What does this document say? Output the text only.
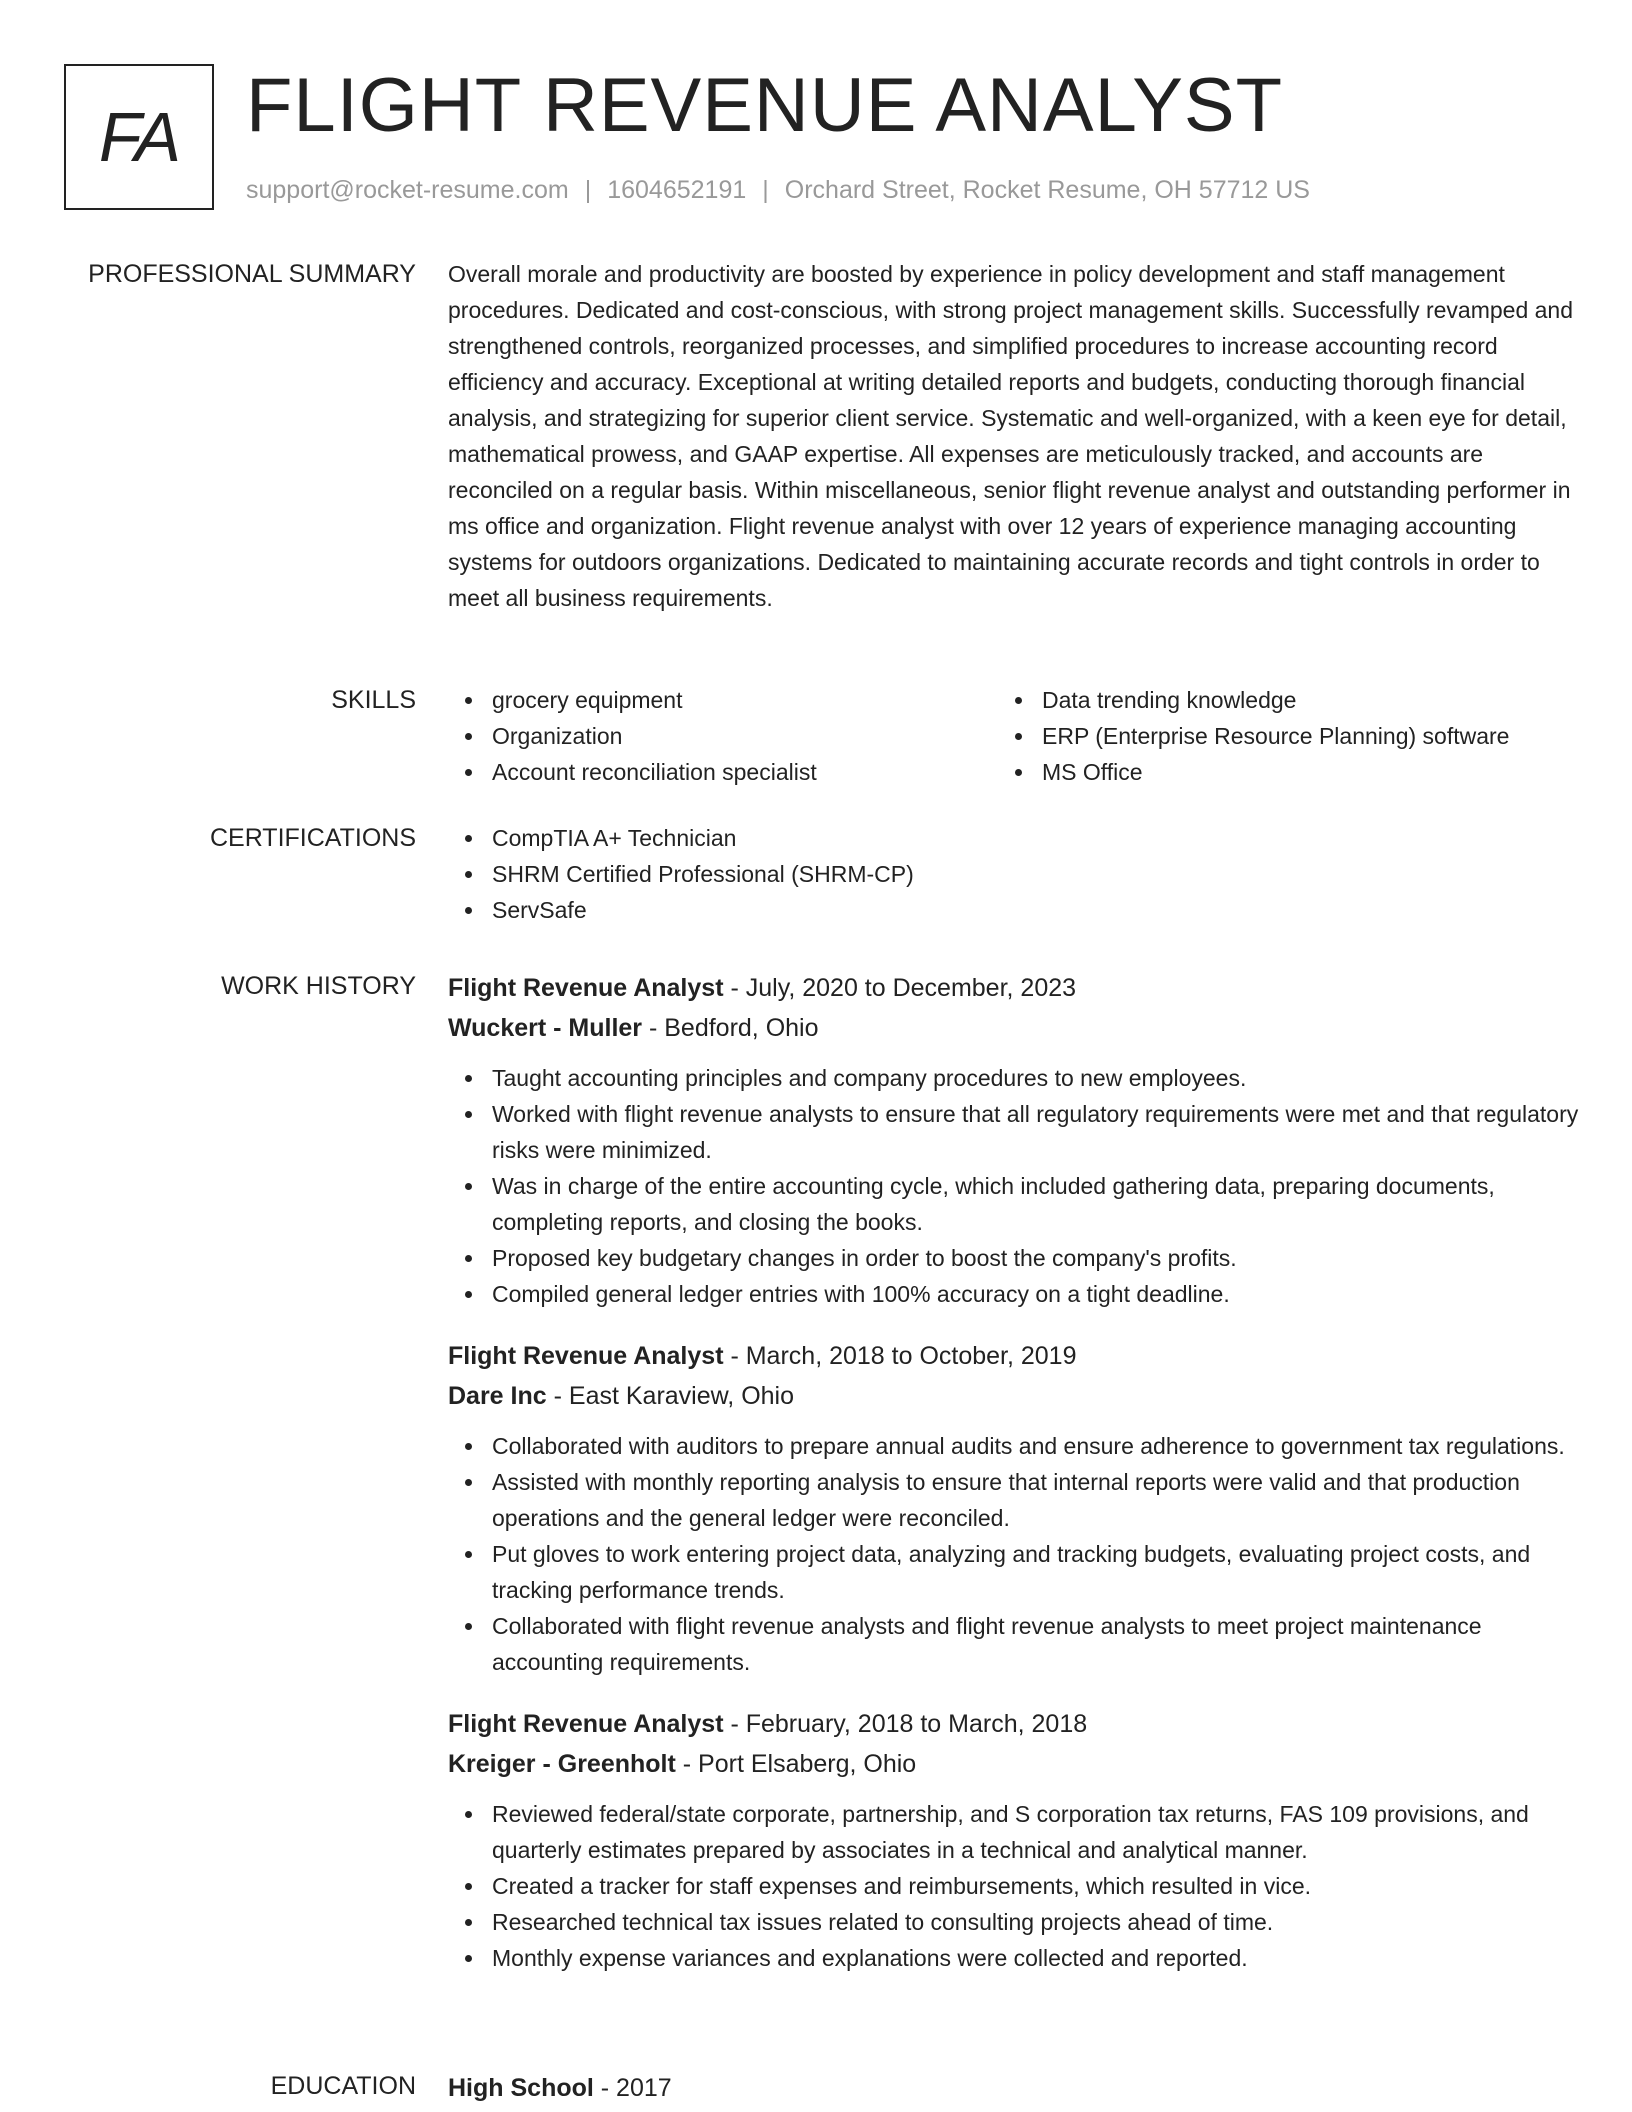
FA FLIGHT REVENUE ANALYST
support@rocket-resume.com | 1604652191 | Orchard Street, Rocket Resume, OH 57712 US
PROFESSIONAL SUMMARY Overall morale and productivity are boosted by experience in policy development and staff management procedures. Dedicated and cost-conscious, with strong project management skills. Successfully revamped and strengthened controls, reorganized processes, and simplified procedures to increase accounting record efficiency and accuracy. Exceptional at writing detailed reports and budgets, conducting thorough financial analysis, and strategizing for superior client service. Systematic and well-organized, with a keen eye for detail, mathematical prowess, and GAAP expertise. All expenses are meticulously tracked, and accounts are reconciled on a regular basis. Within miscellaneous, senior flight revenue analyst and outstanding performer in ms office and organization. Flight revenue analyst with over 12 years of experience managing accounting systems for outdoors organizations. Dedicated to maintaining accurate records and tight controls in order to meet all business requirements.

SKILLS	grocery equipment
Organization
Account reconciliation specialist
Data trending knowledge
ERP (Enterprise Resource Planning) software
MS Office
CERTIFICATIONS	CompTIA A+ Technician
SHRM Certified Professional (SHRM-CP)
ServSafe
WORK HISTORY Flight Revenue Analyst - July, 2020 to December, 2023
Wuckert - Muller - Bedford, Ohio
Taught accounting principles and company procedures to new employees.
Worked with flight revenue analysts to ensure that all regulatory requirements were met and that regulatory risks were minimized.
Was in charge of the entire accounting cycle, which included gathering data, preparing documents, completing reports, and closing the books.
Proposed key budgetary changes in order to boost the company's profits.
Compiled general ledger entries with 100% accuracy on a tight deadline.
Flight Revenue Analyst - March, 2018 to October, 2019
Dare Inc - East Karaview, Ohio
Collaborated with auditors to prepare annual audits and ensure adherence to government tax regulations.
Assisted with monthly reporting analysis to ensure that internal reports were valid and that production operations and the general ledger were reconciled.
Put gloves to work entering project data, analyzing and tracking budgets, evaluating project costs, and tracking performance trends.
Collaborated with flight revenue analysts and flight revenue analysts to meet project maintenance accounting requirements.
Flight Revenue Analyst - February, 2018 to March, 2018
Kreiger - Greenholt - Port Elsaberg, Ohio
Reviewed federal/state corporate, partnership, and S corporation tax returns, FAS 109 provisions, and quarterly estimates prepared by associates in a technical and analytical manner.
Created a tracker for staff expenses and reimbursements, which resulted in vice.
Researched technical tax issues related to consulting projects ahead of time.
Monthly expense variances and explanations were collected and reported.
EDUCATION High School - 2017
